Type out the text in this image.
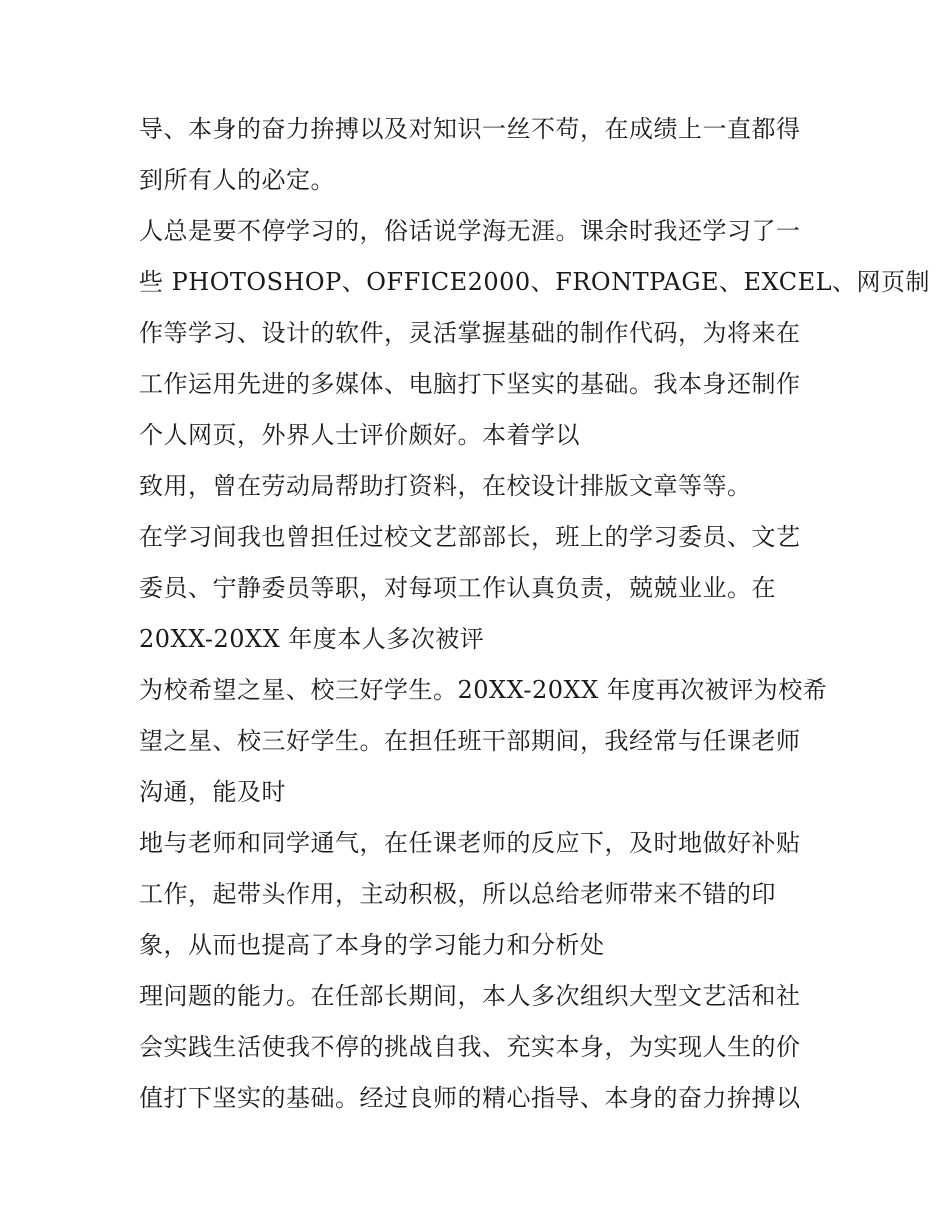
导、本身的奋力拚搏以及对知识一丝不苟，在成绩上一直都得
到所有人的必定。
人总是要不停学习的，俗话说学海无涯。课余时我还学习了一
些 PHOTOSHOP、OFFICE2000、FRONTPAGE、EXCEL、网页制
作等学习、设计的软件，灵活掌握基础的制作代码，为将来在
工作运用先进的多媒体、电脑打下坚实的基础。我本身还制作
个人网页，外界人士评价颇好。本着学以
致用，曾在劳动局帮助打资料，在校设计排版文章等等。
在学习间我也曾担任过校文艺部部长，班上的学习委员、文艺
委员、宁静委员等职，对每项工作认真负责，兢兢业业。在
20XX-20XX 年度本人多次被评
为校希望之星、校三好学生。20XX-20XX 年度再次被评为校希
望之星、校三好学生。在担任班干部期间，我经常与任课老师
沟通，能及时
地与老师和同学通气，在任课老师的反应下，及时地做好补贴
工作，起带头作用，主动积极，所以总给老师带来不错的印
象，从而也提高了本身的学习能力和分析处
理问题的能力。在任部长期间，本人多次组织大型文艺活和社
会实践生活使我不停的挑战自我、充实本身，为实现人生的价
值打下坚实的基础。经过良师的精心指导、本身的奋力拚搏以
